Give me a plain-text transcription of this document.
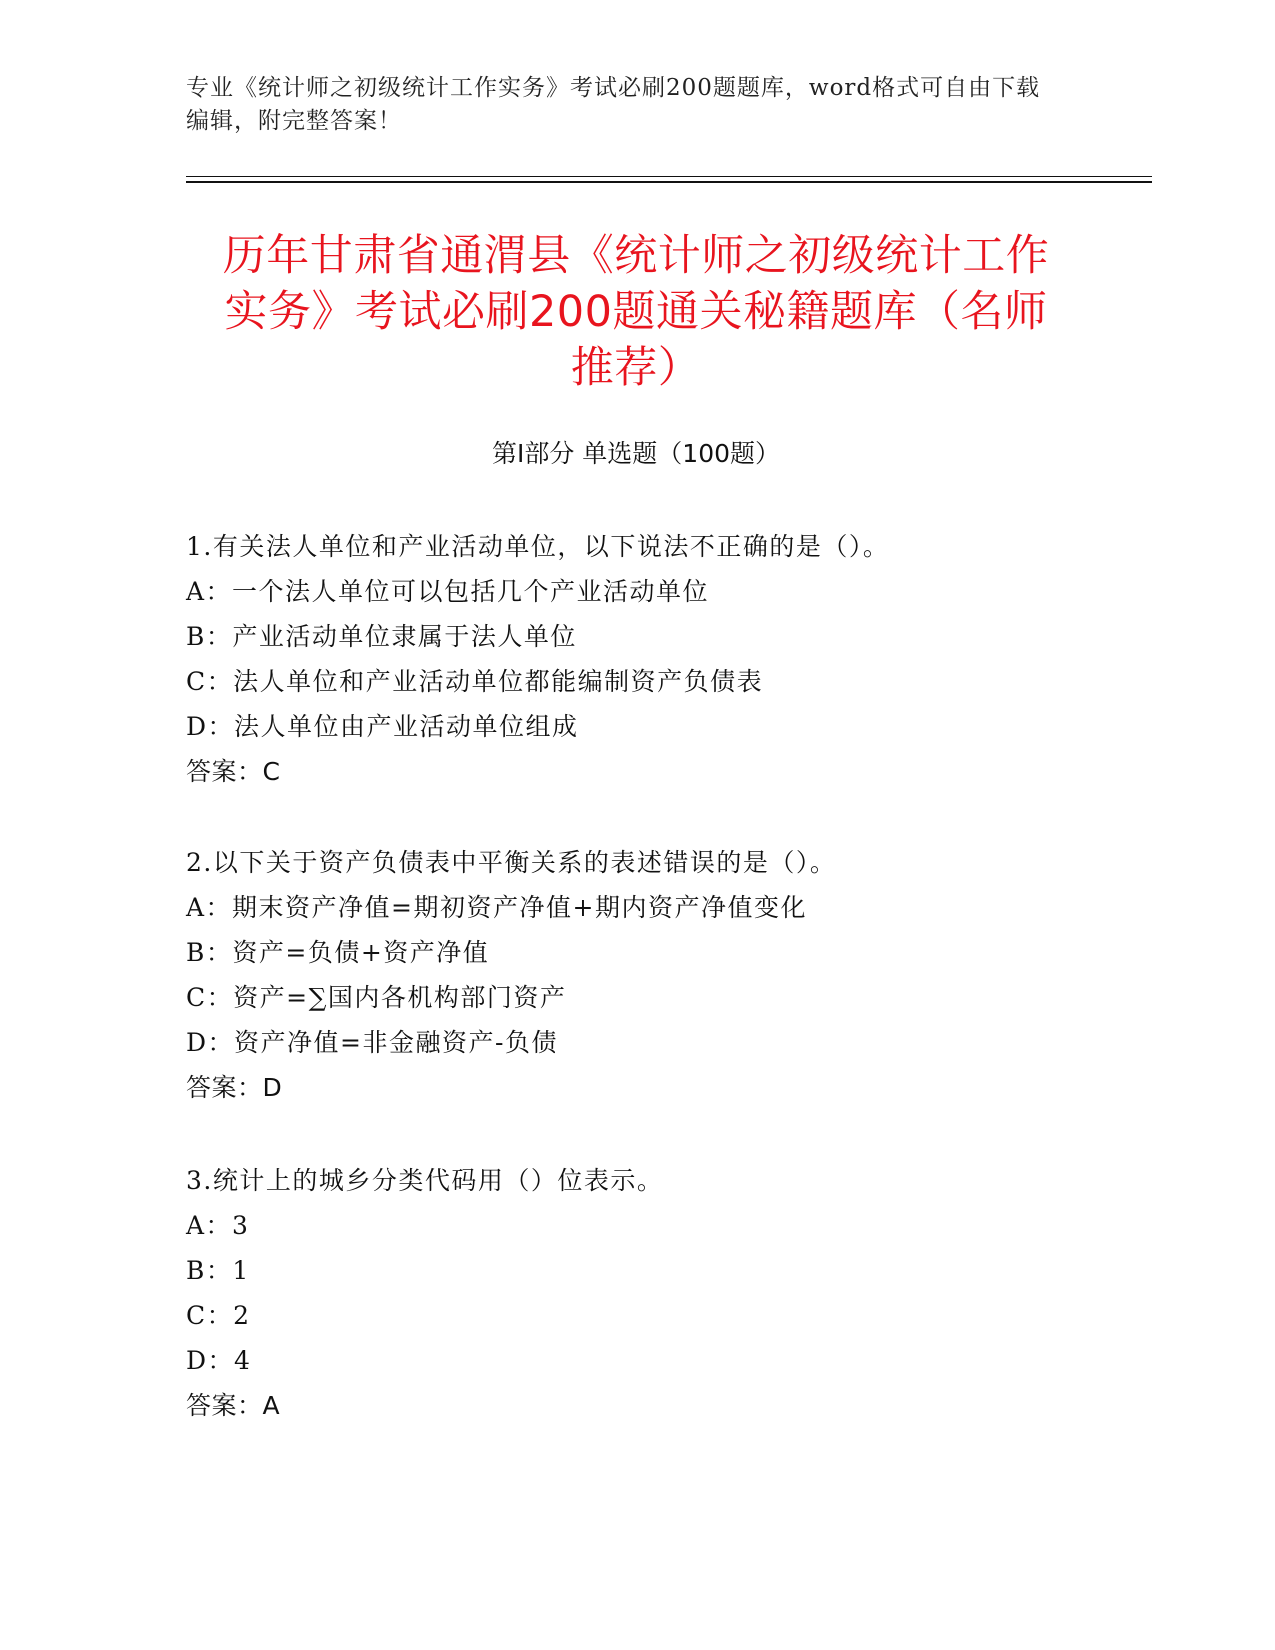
专业《统计师之初级统计工作实务》考试必刷200题题库，word格式可自由下载
编辑，附完整答案！
历年甘肃省通渭县《统计师之初级统计工作
实务》考试必刷200题通关秘籍题库（名师
推荐）
第Ⅰ部分 单选题（100题）
1.有关法人单位和产业活动单位，以下说法不正确的是（）。
A：一个法人单位可以包括几个产业活动单位
B：产业活动单位隶属于法人单位
C：法人单位和产业活动单位都能编制资产负债表
D：法人单位由产业活动单位组成
答案：C
2.以下关于资产负债表中平衡关系的表述错误的是（）。
A：期末资产净值=期初资产净值+期内资产净值变化
B：资产=负债+资产净值
C：资产=∑国内各机构部门资产
D：资产净值=非金融资产-负债
答案：D
3.统计上的城乡分类代码用（）位表示。
A：3
B：1
C：2
D：4
答案：A
